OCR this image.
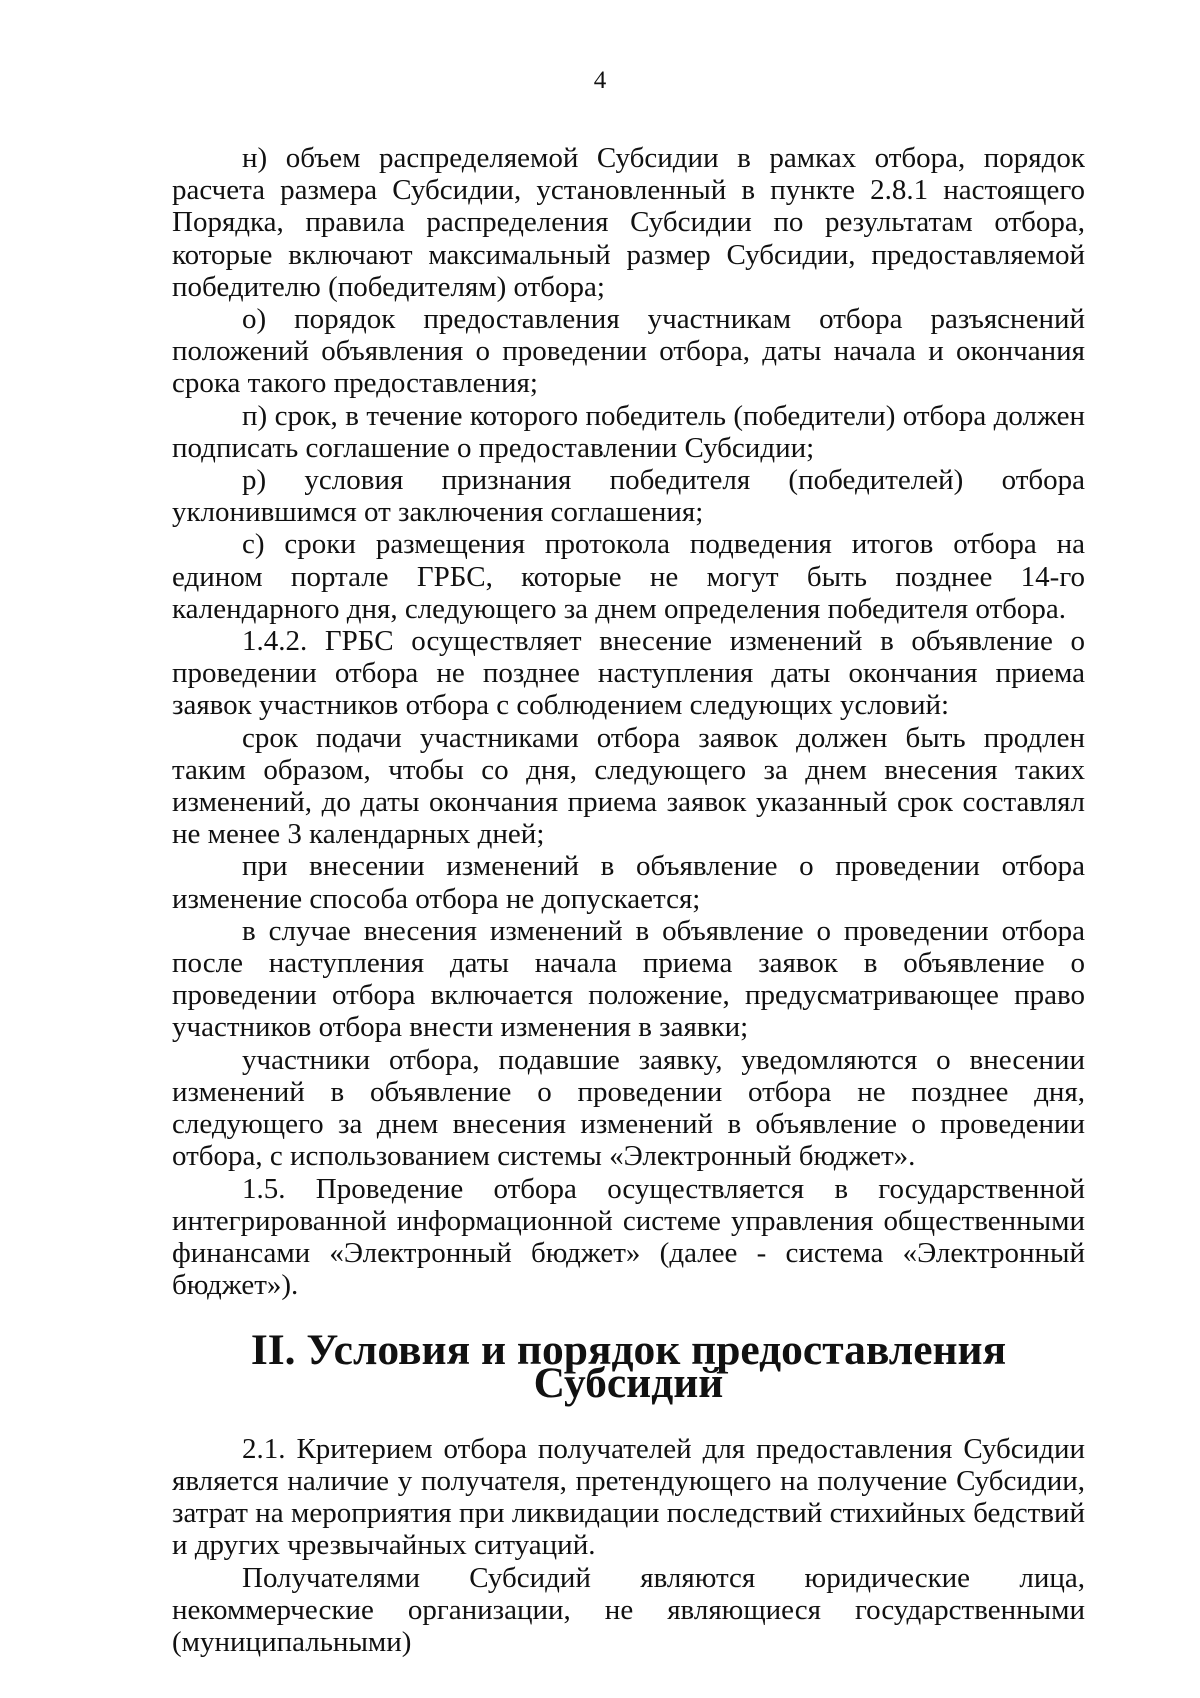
4

н) объем распределяемой Субсидии в рамках отбора, порядок расчета размера Субсидии, установленный в пункте 2.8.1 настоящего Порядка, правила распределения Субсидии по результатам отбора, которые включают максимальный размер Субсидии, предоставляемой победителю (победителям) отбора;

о) порядок предоставления участникам отбора разъяснений положений объявления о проведении отбора, даты начала и окончания срока такого предоставления;

п) срок, в течение которого победитель (победители) отбора должен подписать соглашение о предоставлении Субсидии;

р) условия признания победителя (победителей) отбора уклонившимся от заключения соглашения;

с) сроки размещения протокола подведения итогов отбора на едином портале ГРБС, которые не могут быть позднее 14-го календарного дня, следующего за днем определения победителя отбора.

1.4.2. ГРБС осуществляет внесение изменений в объявление о проведении отбора не позднее наступления даты окончания приема заявок участников отбора с соблюдением следующих условий:

срок подачи участниками отбора заявок должен быть продлен таким образом, чтобы со дня, следующего за днем внесения таких изменений, до даты окончания приема заявок указанный срок составлял не менее 3 календарных дней;

при внесении изменений в объявление о проведении отбора изменение способа отбора не допускается;

в случае внесения изменений в объявление о проведении отбора после наступления даты начала приема заявок в объявление о проведении отбора включается положение, предусматривающее право участников отбора внести изменения в заявки;

участники отбора, подавшие заявку, уведомляются о внесении изменений в объявление о проведении отбора не позднее дня, следующего за днем внесения изменений в объявление о проведении отбора, с использованием системы «Электронный бюджет».

1.5. Проведение отбора осуществляется в государственной интегрированной информационной системе управления общественными финансами «Электронный бюджет» (далее - система «Электронный бюджет»).

II. Условия и порядок предоставления Субсидий

2.1. Критерием отбора получателей для предоставления Субсидии является наличие у получателя, претендующего на получение Субсидии, затрат на мероприятия при ликвидации последствий стихийных бедствий и других чрезвычайных ситуаций.

Получателями Субсидий являются юридические лица, некоммерческие организации, не являющиеся государственными (муниципальными)
